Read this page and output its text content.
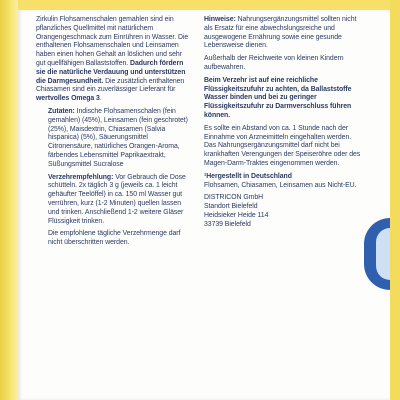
Zirkulin Flohsamenschalen gemahlen sind ein pflanzliches Quellmittel mit natürlichem Orangengeschmack zum Einrühren in Wasser. Die enthaltenen Flohsamenschalen und Leinsamen haben einen hohen Gehalt an löslichen und sehr gut quellfähigen Ballaststoffen. Dadurch fördern sie die natürliche Verdauung und unterstützen die Darmgesundheit. Die zusätzlich enthaltenen Chiasamen sind ein zuverlässiger Lieferant für wertvolles Omega 3.

Zutaten: Indische Flohsamenschalen (fein gemahlen) (45%), Leinsamen (fein geschrotet) (25%), Maisdextrin, Chiasamen (Salvia hispanica) (5%), Säuerungsmittel Citronensäure, natürliches Orangen-Aroma, färbendes Lebensmittel Paprikaextrakt, Süßungsmittel Sucralose

Verzehrempfehlung: Vor Gebrauch die Dose schütteln. 2x täglich 3 g (jeweils ca. 1 leicht gehäufter Teelöffel) in ca. 150 ml Wasser gut verrühren, kurz (1-2 Minuten) quellen lassen und trinken. Anschließend 1-2 weitere Gläser Flüssigkeit trinken.

Die empfohlene tägliche Verzehrmenge darf nicht überschritten werden.

Hinweise: Nahrungsergänzungsmittel sollten nicht als Ersatz für eine abwechslungsreiche und ausgewogene Ernährung sowie eine gesunde Lebensweise dienen.

Außerhalb der Reichweite von kleinen Kindern aufbewahren.

Beim Verzehr ist auf eine reichliche Flüssigkeitszufuhr zu achten, da Ballaststoffe Wasser binden und bei zu geringer Flüssigkeitszufuhr zu Darmverschluss führen können.

Es sollte ein Abstand von ca. 1 Stunde nach der Einnahme von Arzneimitteln eingehalten werden. Das Nahrungsergänzungsmittel darf nicht bei krankhaften Verengungen der Speiseröhre oder des Magen-Darm-Traktes eingenommen werden.

¹Hergestellt in Deutschland
Flohsamen, Chiasamen, Leinsamen aus Nicht-EU.

DISTRICON GmbH
Standort Bielefeld
Heidsieker Heide 114
33739 Bielefeld
